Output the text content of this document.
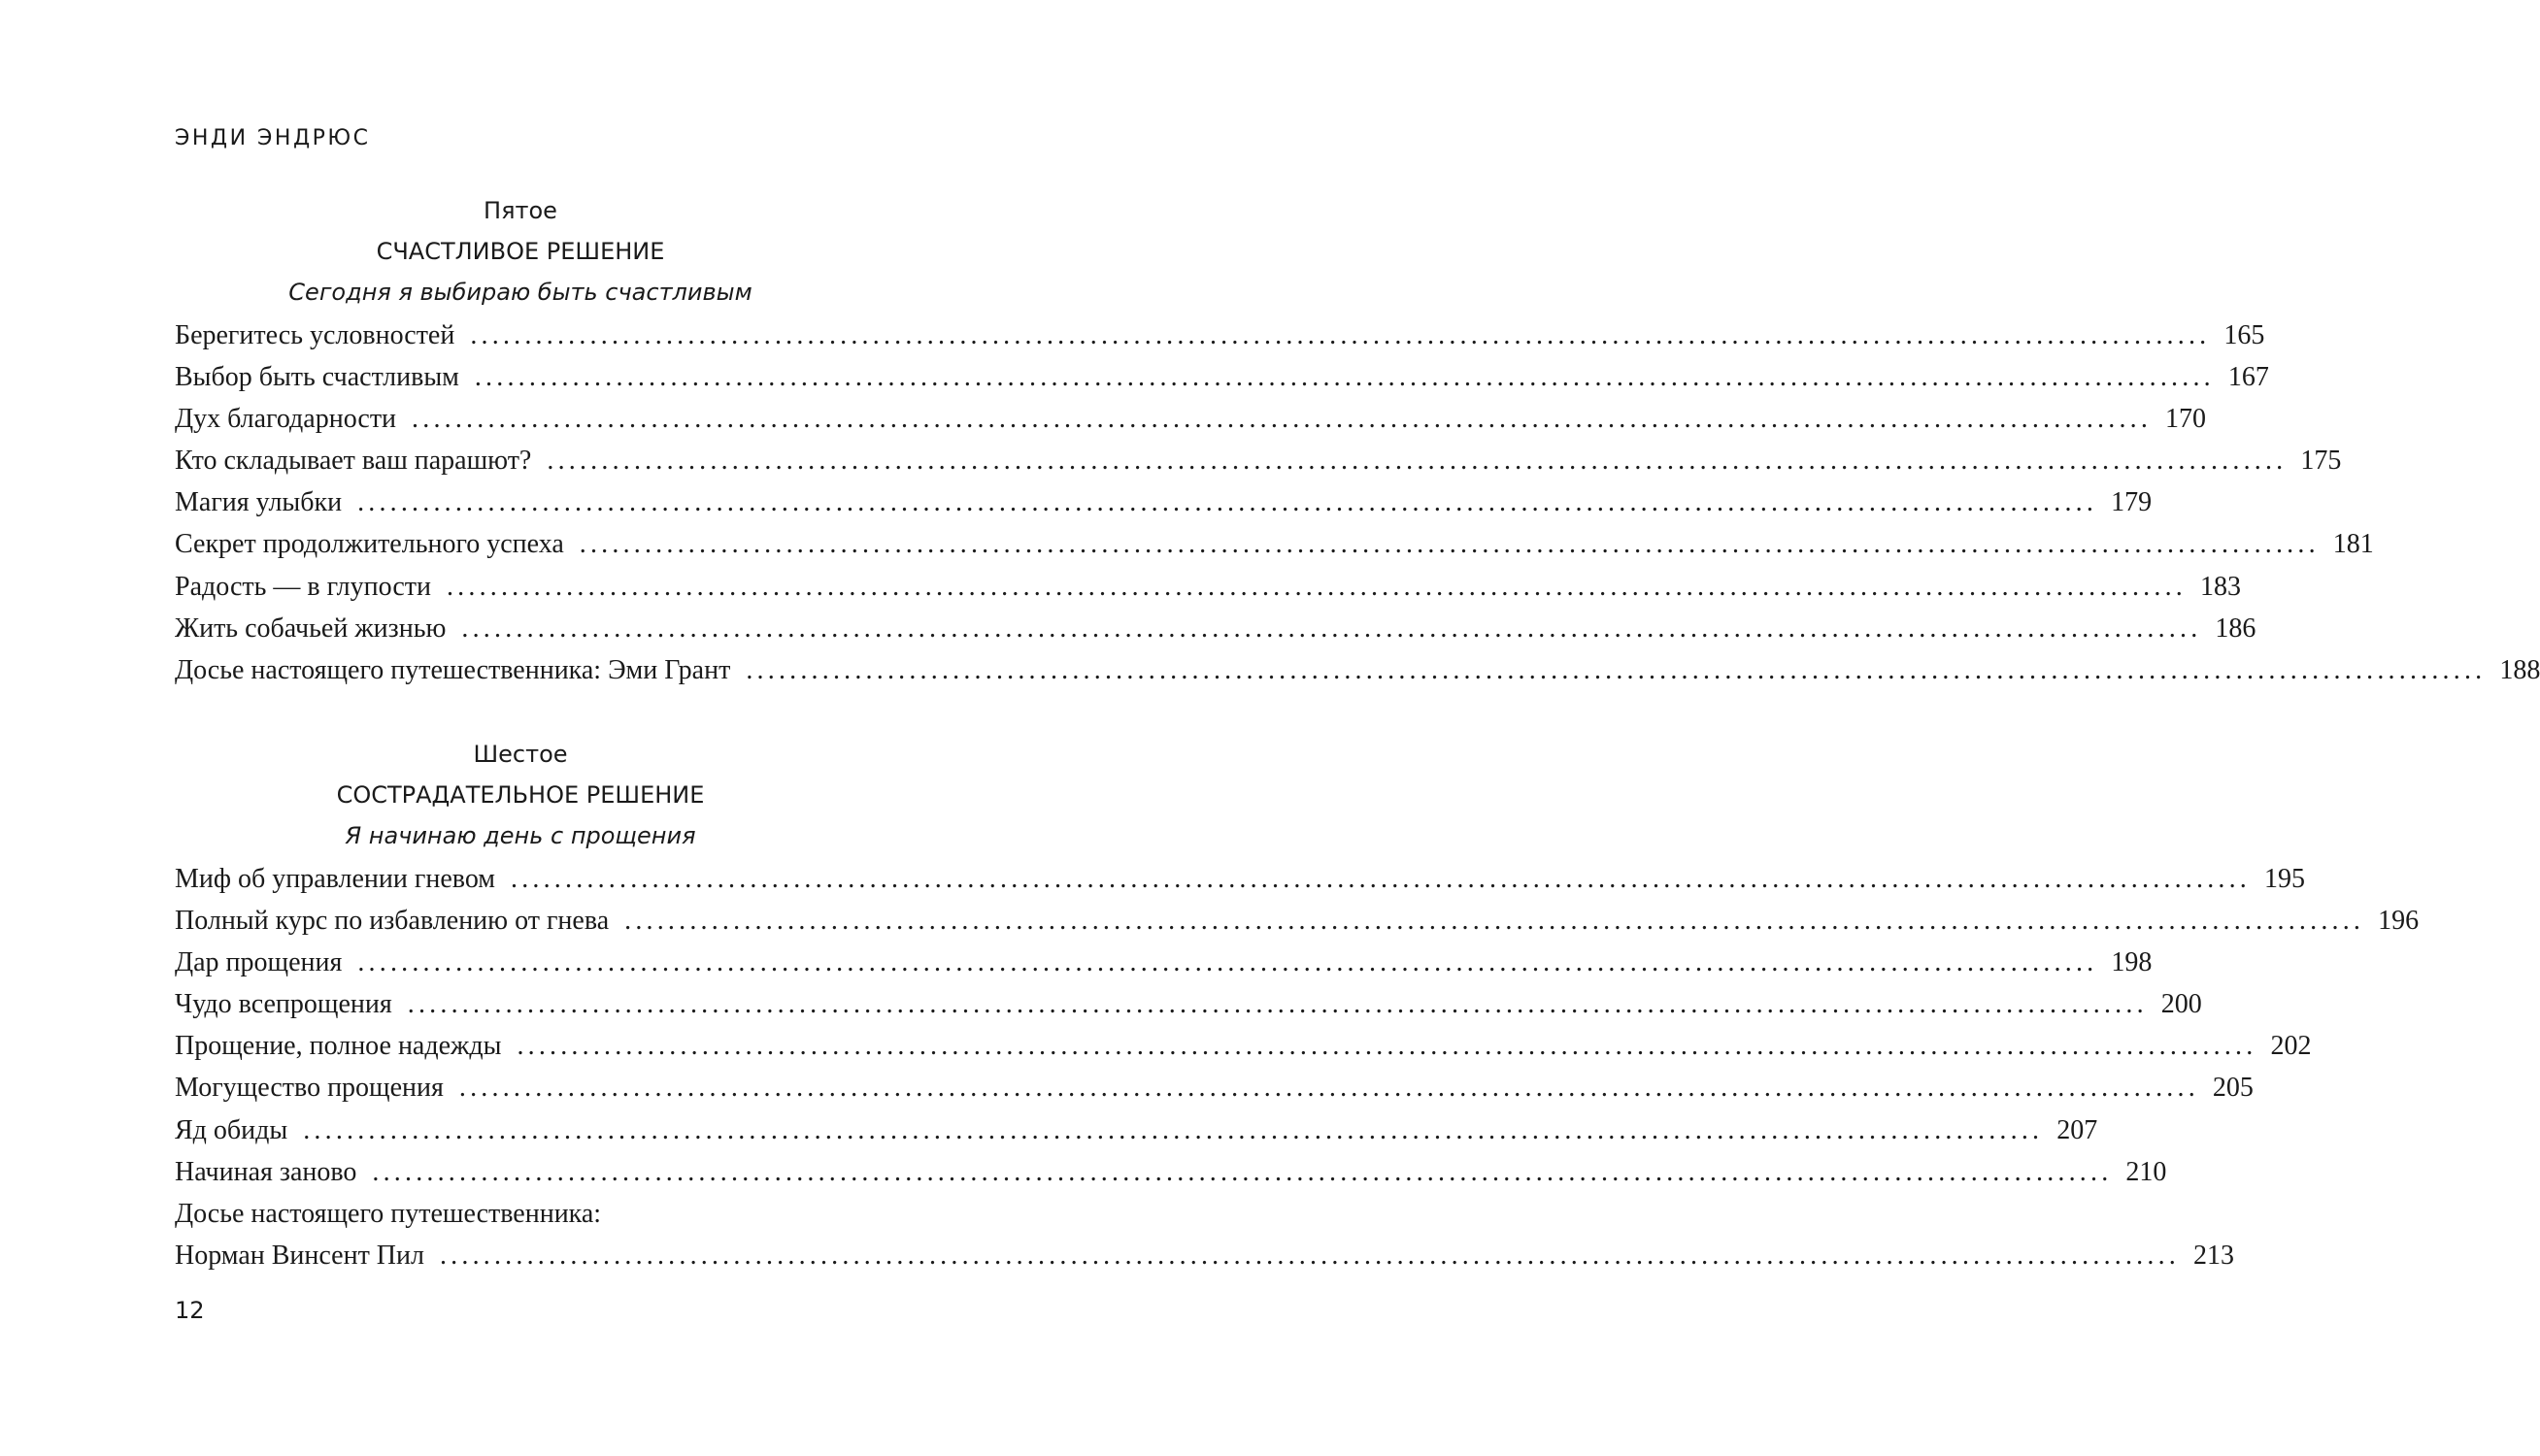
ЭНДИ ЭНДРЮС

Пятое

СЧАСТЛИВОЕ РЕШЕНИЕ

Сегодня я выбираю быть счастливым

Берегитесь условностей ................................................................................................................................................................ 165
Выбор быть счастливым ................................................................................................................................................................ 167
Дух благодарности ................................................................................................................................................................ 170
Кто складывает ваш парашют? ................................................................................................................................................................ 175
Магия улыбки ................................................................................................................................................................ 179
Секрет продолжительного успеха ................................................................................................................................................................ 181
Радость — в глупости ................................................................................................................................................................ 183
Жить собачьей жизнью ................................................................................................................................................................ 186
Досье настоящего путешественника: Эми Грант ................................................................................................................................................................ 188

Шестое

СОСТРАДАТЕЛЬНОЕ РЕШЕНИЕ

Я начинаю день с прощения

Миф об управлении гневом ................................................................................................................................................................ 195
Полный курс по избавлению от гнева ................................................................................................................................................................ 196
Дар прощения ................................................................................................................................................................ 198
Чудо всепрощения ................................................................................................................................................................ 200
Прощение, полное надежды ................................................................................................................................................................ 202
Могущество прощения ................................................................................................................................................................ 205
Яд обиды ................................................................................................................................................................ 207
Начиная заново ................................................................................................................................................................ 210
Досье настоящего путешественника:
Норман Винсент Пил ................................................................................................................................................................ 213
12
